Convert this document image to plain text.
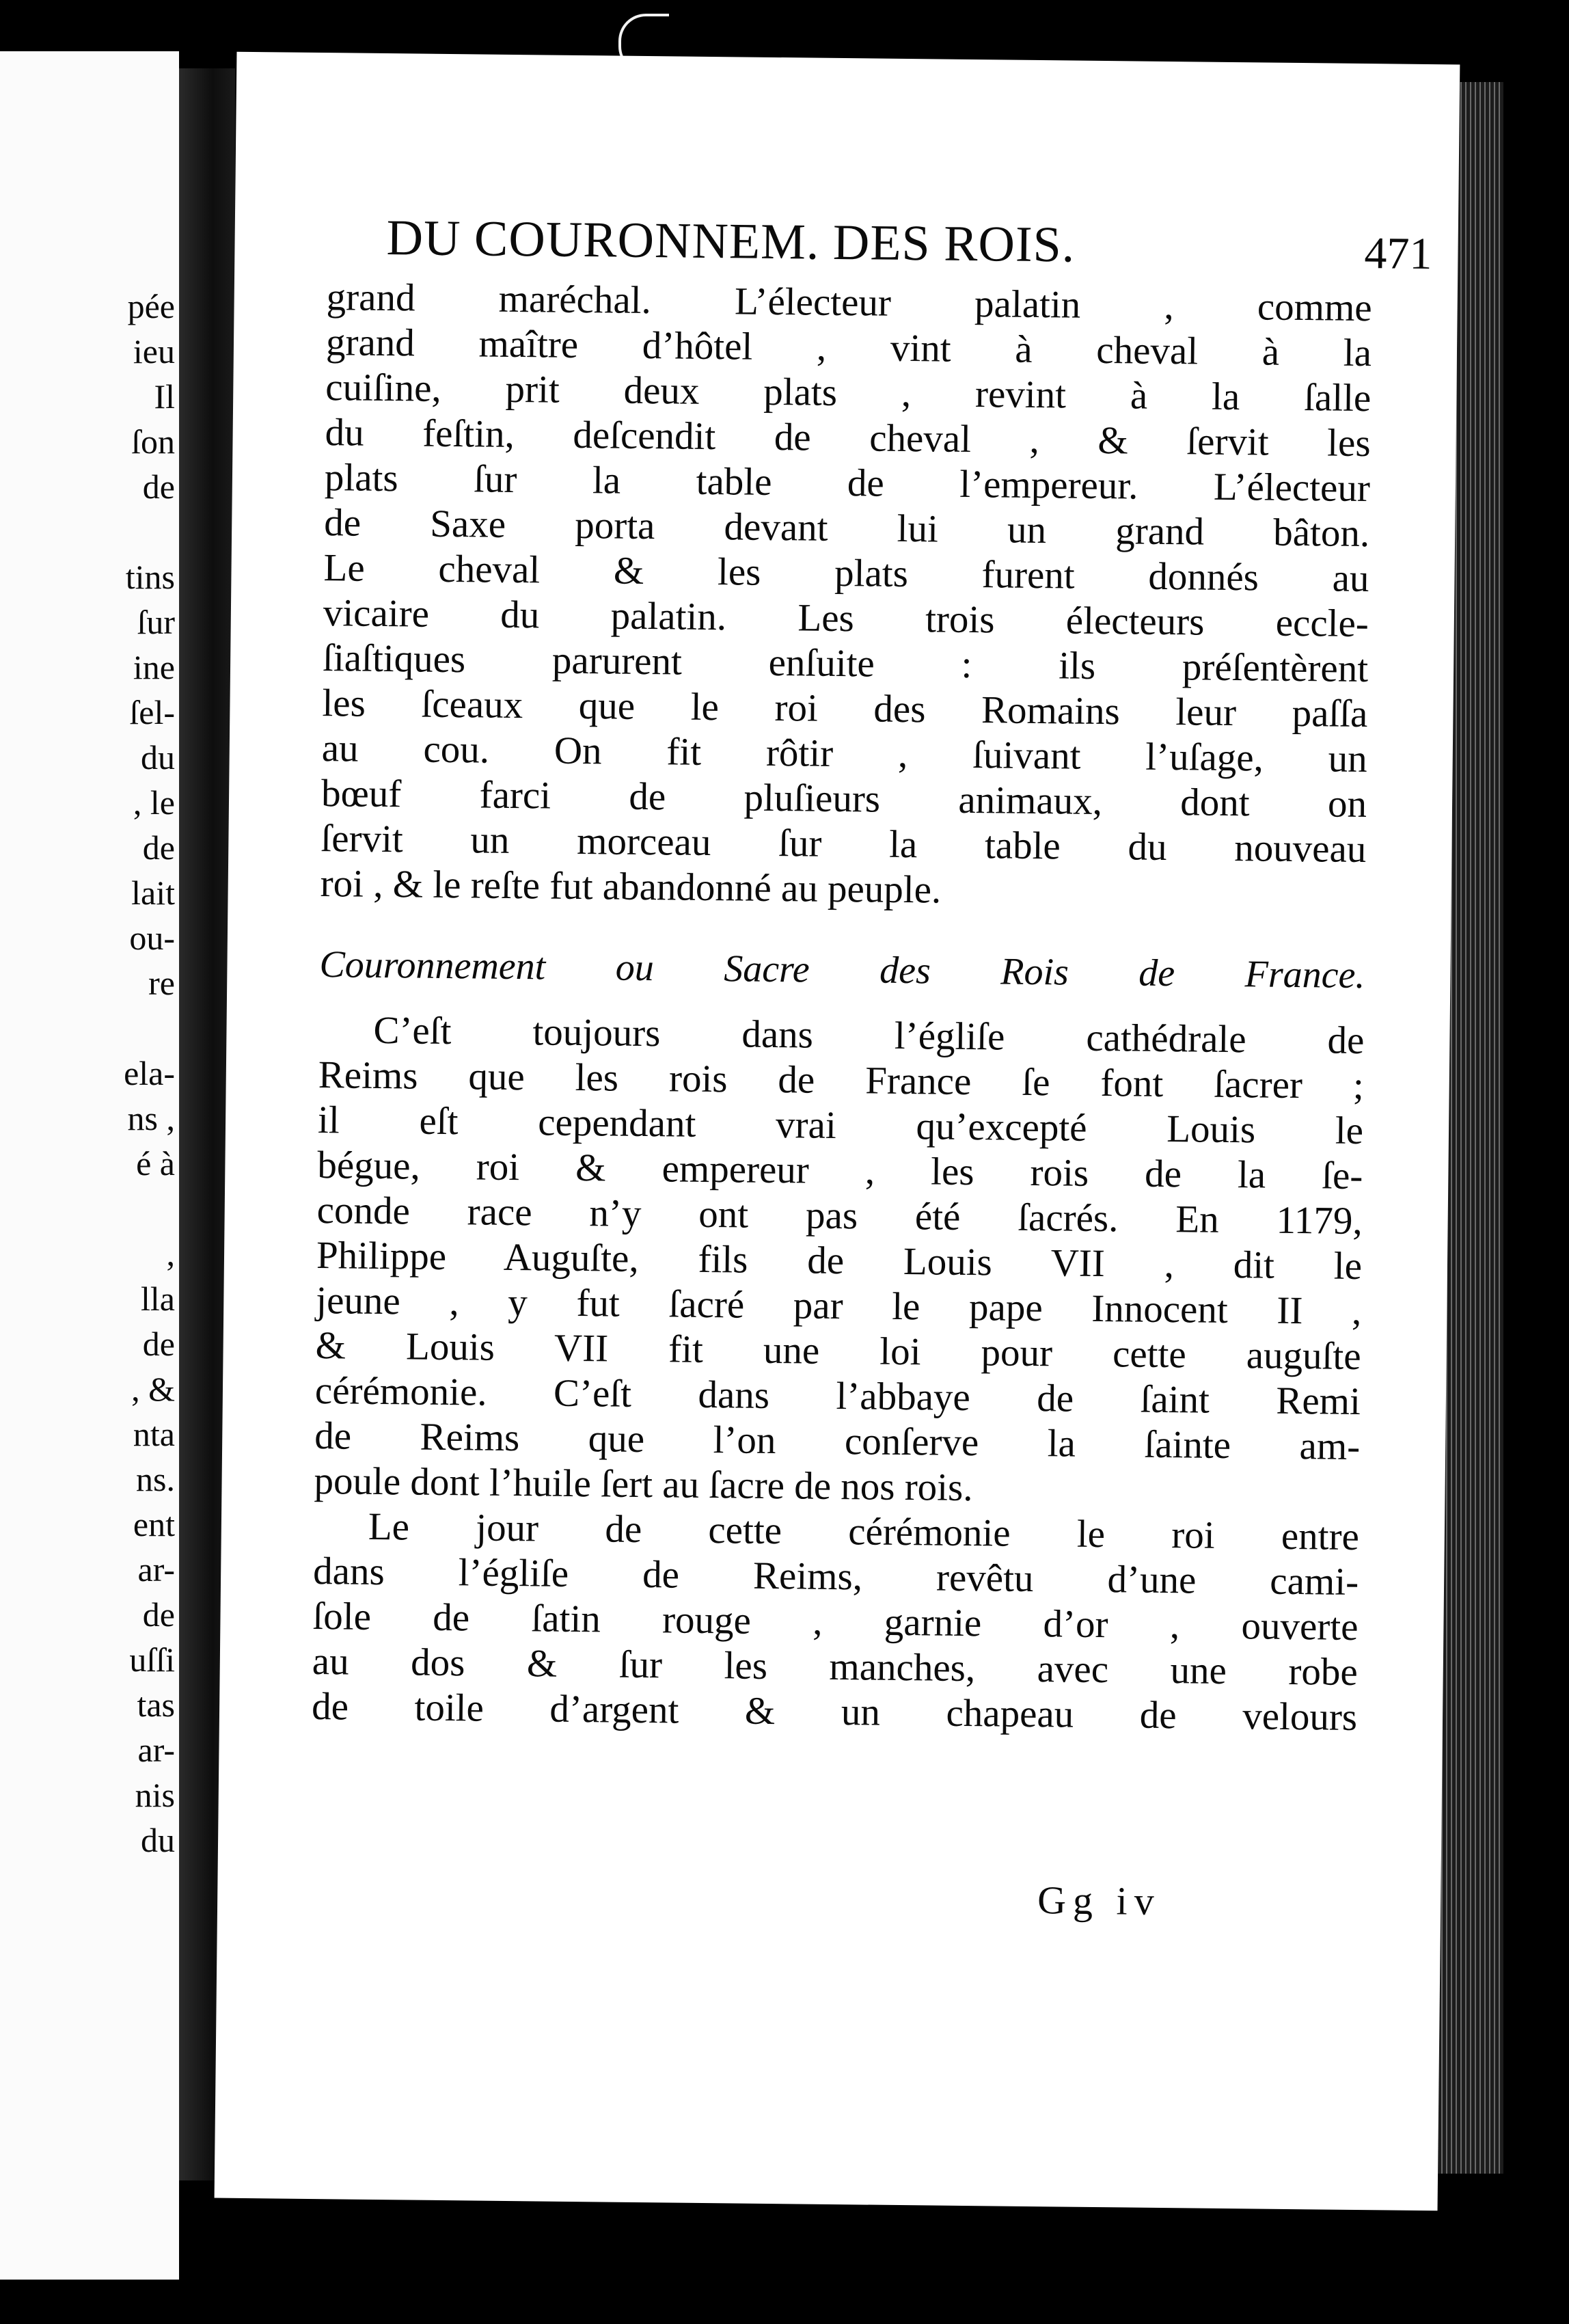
pée
ieu
Il
ſon
de
tins
ſur
ine
ſel-
du
, le
de
lait
ou-
re
ela-
ns ,
é à
,
lla
de
, &
nta
ns.
ent
ar-
de
uſſi
tas
ar-
nis
du
DU COURONNEM. DES ROIS.	471
grand maréchal. L’électeur palatin , comme
grand maître d’hôtel , vint à cheval à la
cuiſine, prit deux plats , revint à la ſalle
du feſtin, deſcendit de cheval , & ſervit les
plats ſur la table de l’empereur. L’électeur
de Saxe porta devant lui un grand bâton.
Le cheval & les plats furent donnés au
vicaire du palatin. Les trois électeurs eccle-
ſiaſtiques parurent enſuite : ils préſentèrent
les ſceaux que le roi des Romains leur paſſa
au cou. On fit rôtir , ſuivant l’uſage, un
bœuf farci de pluſieurs animaux, dont on
ſervit un morceau ſur la table du nouveau
roi , & le reſte fut abandonné au peuple.
Couronnement ou Sacre des Rois de France.
C’eſt toujours dans l’égliſe cathédrale de
Reims que les rois de France ſe font ſacrer ;
il eſt cependant vrai qu’excepté Louis le
bégue, roi & empereur , les rois de la ſe-
conde race n’y ont pas été ſacrés. En 1179,
Philippe Auguſte, fils de Louis VII , dit le
jeune , y fut ſacré par le pape Innocent II ,
& Louis VII fit une loi pour cette auguſte
cérémonie. C’eſt dans l’abbaye de ſaint Remi
de Reims que l’on conſerve la ſainte am-
poule dont l’huile ſert au ſacre de nos rois.
Le jour de cette cérémonie le roi entre
dans l’égliſe de Reims, revêtu d’une cami-
ſole de ſatin rouge , garnie d’or , ouverte
au dos & ſur les manches, avec une robe
de toile d’argent & un chapeau de velours
Gg iv
